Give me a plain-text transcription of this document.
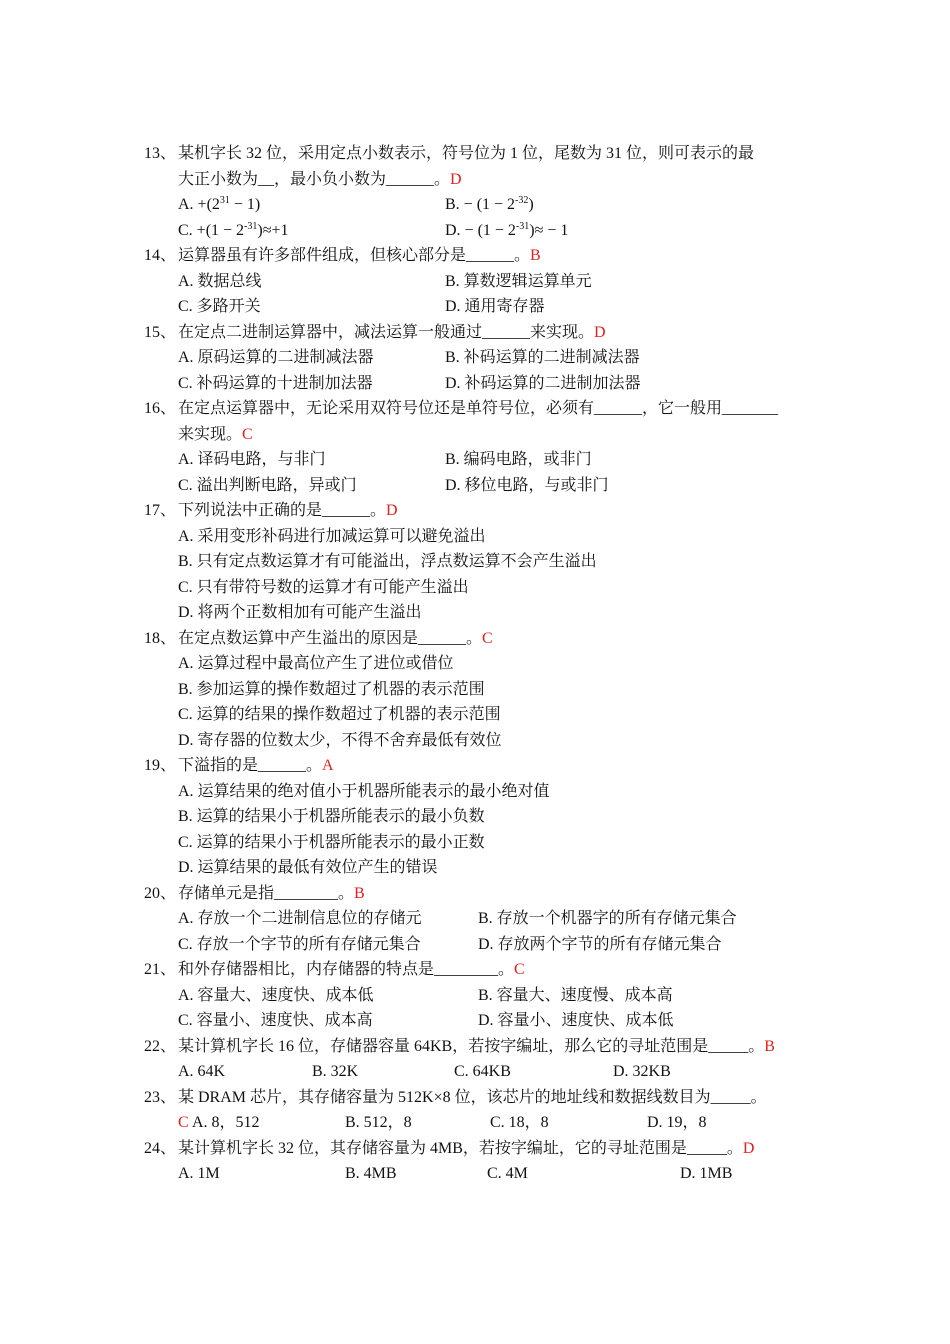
13、 某机字长 32 位，采用定点小数表示，符号位为 1 位，尾数为 31 位，则可表示的最
大正小数为__，最小负小数为______。D
A. $+(2^{31} - 1)$	B. − $(1 - 2^{-32})$
C. $+(1 - 2^{-31})\approx+1$	D. − $(1 - 2^{-31})\approx - 1$
14、 运算器虽有许多部件组成，但核心部分是______。B
A. 数据总线	B. 算数逻辑运算单元
C. 多路开关	D. 通用寄存器
15、 在定点二进制运算器中，减法运算一般通过______来实现。D
A. 原码运算的二进制减法器	B. 补码运算的二进制减法器
C. 补码运算的十进制加法器	D. 补码运算的二进制加法器
16、 在定点运算器中，无论采用双符号位还是单符号位，必须有______，它一般用_______
来实现。C
A. 译码电路，与非门	B. 编码电路，或非门
C. 溢出判断电路，异或门	D. 移位电路，与或非门
17、 下列说法中正确的是______。D
A. 采用变形补码进行加减运算可以避免溢出
B. 只有定点数运算才有可能溢出，浮点数运算不会产生溢出
C. 只有带符号数的运算才有可能产生溢出
D. 将两个正数相加有可能产生溢出
18、 在定点数运算中产生溢出的原因是______。C
A. 运算过程中最高位产生了进位或借位
B. 参加运算的操作数超过了机器的表示范围
C. 运算的结果的操作数超过了机器的表示范围
D. 寄存器的位数太少，不得不舍弃最低有效位
19、 下溢指的是______。A
A. 运算结果的绝对值小于机器所能表示的最小绝对值
B. 运算的结果小于机器所能表示的最小负数
C. 运算的结果小于机器所能表示的最小正数
D. 运算结果的最低有效位产生的错误
20、 存储单元是指________。B
A. 存放一个二进制信息位的存储元	B. 存放一个机器字的所有存储元集合
C. 存放一个字节的所有存储元集合	D. 存放两个字节的所有存储元集合
21、 和外存储器相比，内存储器的特点是________。C
A. 容量大、速度快、成本低	B. 容量大、速度慢、成本高
C. 容量小、速度快、成本高	D. 容量小、速度快、成本低
22、 某计算机字长 16 位，存储器容量 64KB，若按字编址，那么它的寻址范围是_____。B
A. 64K	B. 32K	C. 64KB	D. 32KB
23、 某 DRAM 芯片，其存储容量为 512K×8 位，该芯片的地址线和数据线数目为_____。
C A. 8，512	B. 512，8	C. 18，8	D. 19，8
24、 某计算机字长 32 位，其存储容量为 4MB，若按字编址，它的寻址范围是_____。D
A. 1M	B. 4MB	C. 4M	D. 1MB
